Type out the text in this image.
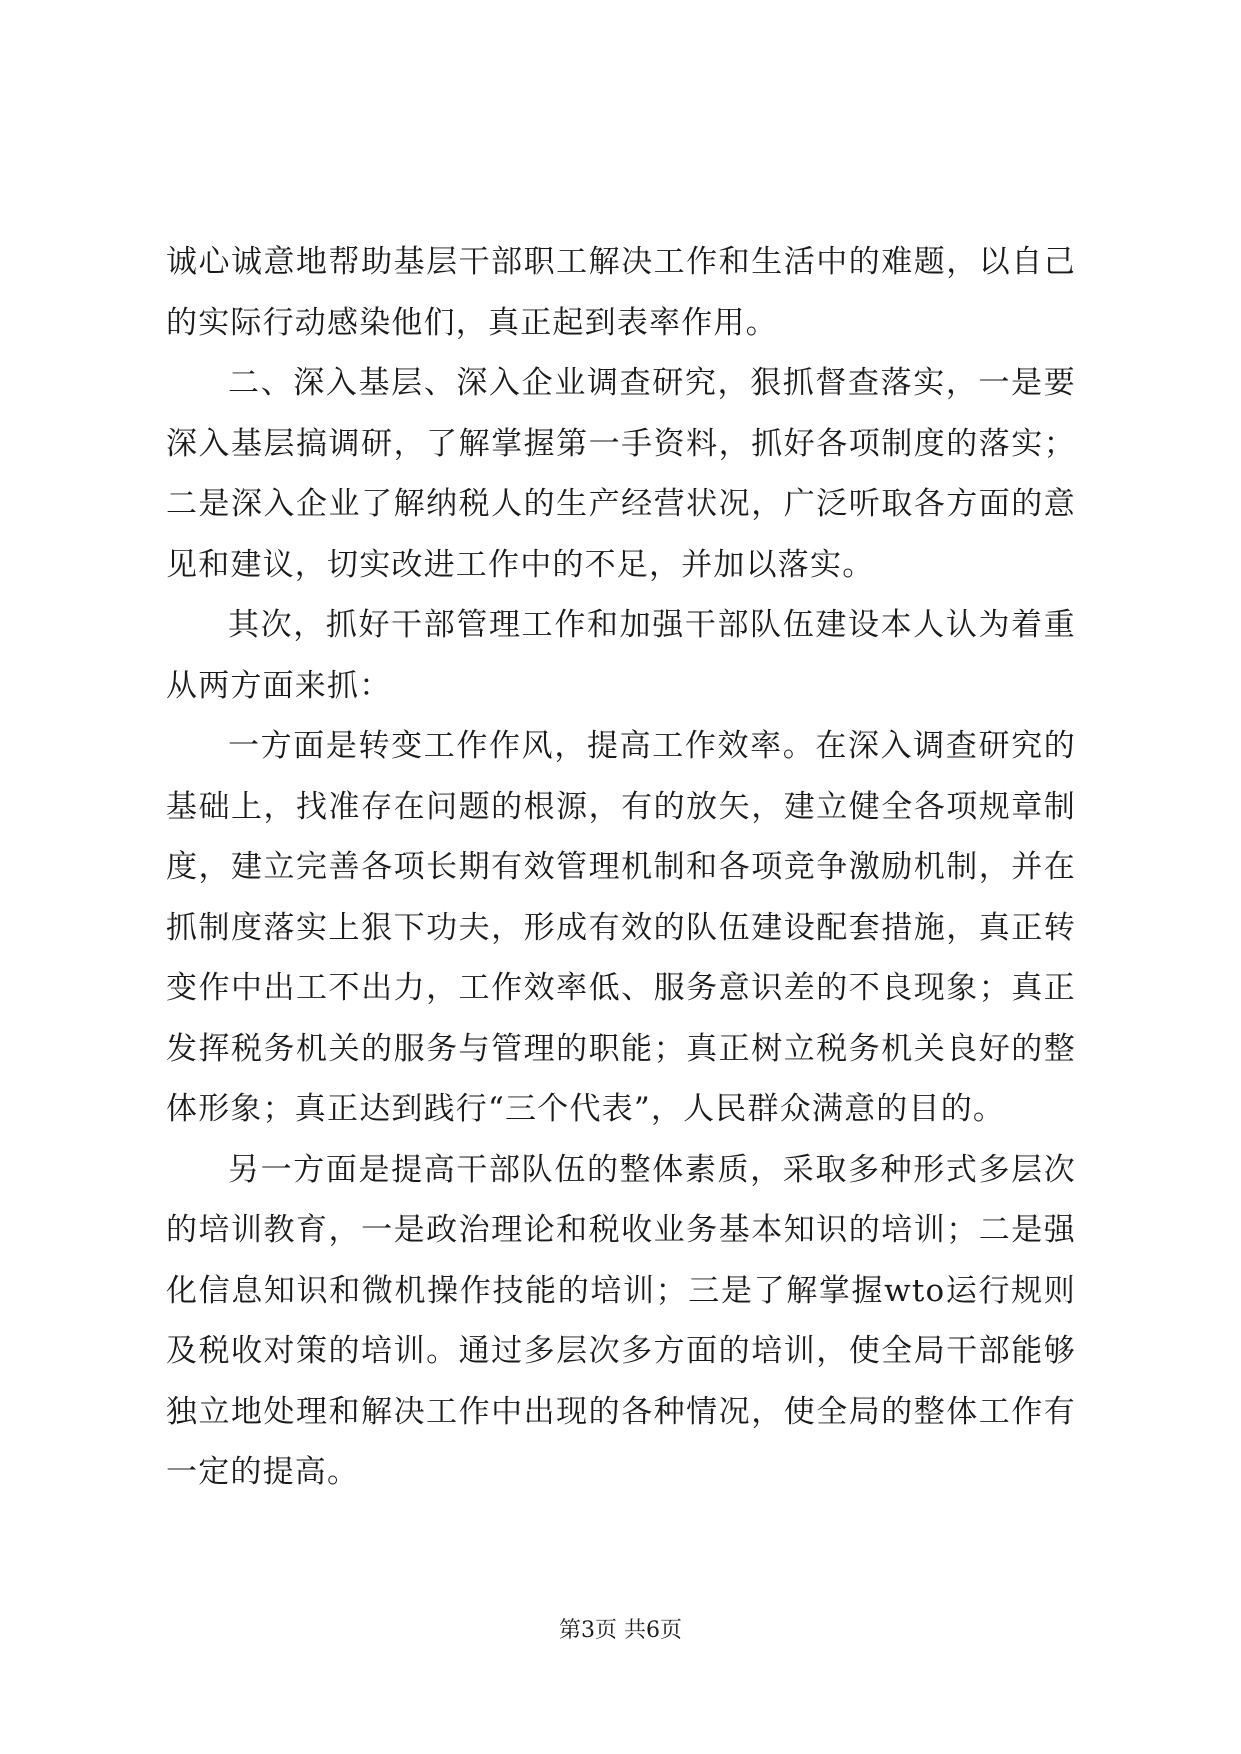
诚心诚意地帮助基层干部职工解决工作和生活中的难题，以自己的实际行动感染他们，真正起到表率作用。

二、深入基层、深入企业调查研究，狠抓督查落实，一是要深入基层搞调研，了解掌握第一手资料，抓好各项制度的落实；二是深入企业了解纳税人的生产经营状况，广泛听取各方面的意见和建议，切实改进工作中的不足，并加以落实。

其次，抓好干部管理工作和加强干部队伍建设本人认为着重从两方面来抓：

一方面是转变工作作风，提高工作效率。在深入调查研究的基础上，找准存在问题的根源，有的放矢，建立健全各项规章制度，建立完善各项长期有效管理机制和各项竞争激励机制，并在抓制度落实上狠下功夫，形成有效的队伍建设配套措施，真正转变作中出工不出力，工作效率低、服务意识差的不良现象；真正发挥税务机关的服务与管理的职能；真正树立税务机关良好的整体形象；真正达到践行“三个代表”，人民群众满意的目的。

另一方面是提高干部队伍的整体素质，采取多种形式多层次的培训教育，一是政治理论和税收业务基本知识的培训；二是强化信息知识和微机操作技能的培训；三是了解掌握wto运行规则及税收对策的培训。通过多层次多方面的培训，使全局干部能够独立地处理和解决工作中出现的各种情况，使全局的整体工作有一定的提高。

第3页 共6页
